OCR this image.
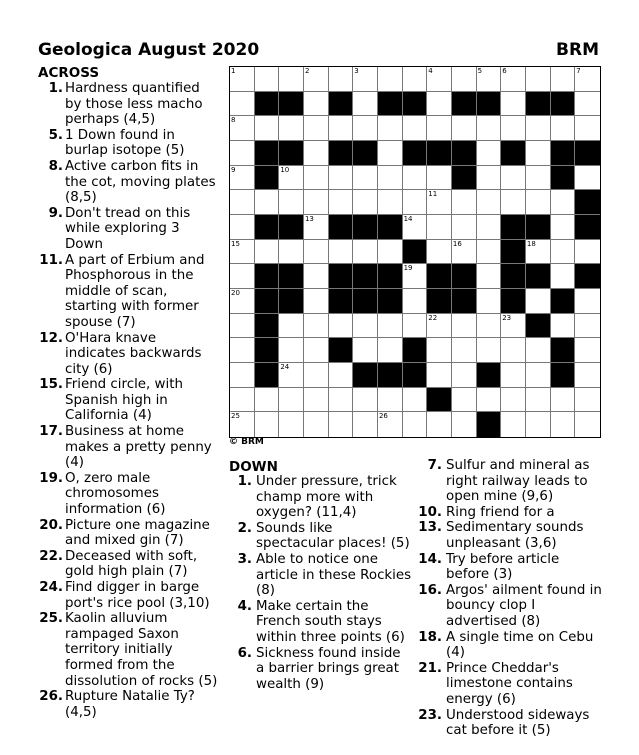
Geologica August 2020	BRM
ACROSS
1. Hardness quantified by those less macho perhaps (4,5)
5. 1 Down found in burlap isotope (5)
8. Active carbon fits in the cot, moving plates (8,5)
9. Don't tread on this while exploring 3 Down
11. A part of Erbium and Phosphorous in the middle of scan, starting with former spouse (7)
12. O'Hara knave indicates backwards city (6)
15. Friend circle, with Spanish high in California (4)
17. Business at home makes a pretty penny (4)
19. O, zero male chromosomes information (6)
20. Picture one magazine and mixed gin (7)
22. Deceased with soft, gold high plain (7)
24. Find digger in barge port's rice pool (3,10)
25. Kaolin alluvium rampaged Saxon territory initially formed from the dissolution of rocks (5)
26. Rupture Natalie Ty? (4,5)
1	2	3	4	5	6	7
8
9	10
11
13	14
15	16	18
19
20
22	23
24
25	26
© BRM
DOWN
1. Under pressure, trick champ more with oxygen? (11,4)
2. Sounds like spectacular places! (5)
3. Able to notice one article in these Rockies (8)
4. Make certain the French south stays within three points (6)
6. Sickness found inside a barrier brings great wealth (9)
7. Sulfur and mineral as right railway leads to open mine (9,6)
10. Ring friend for a
13. Sedimentary sounds unpleasant (3,6)
14. Try before article before (3)
16. Argos' ailment found in bouncy clop I advertised (8)
18. A single time on Cebu (4)
21. Prince Cheddar's limestone contains energy (6)
23. Understood sideways cat before it (5)
